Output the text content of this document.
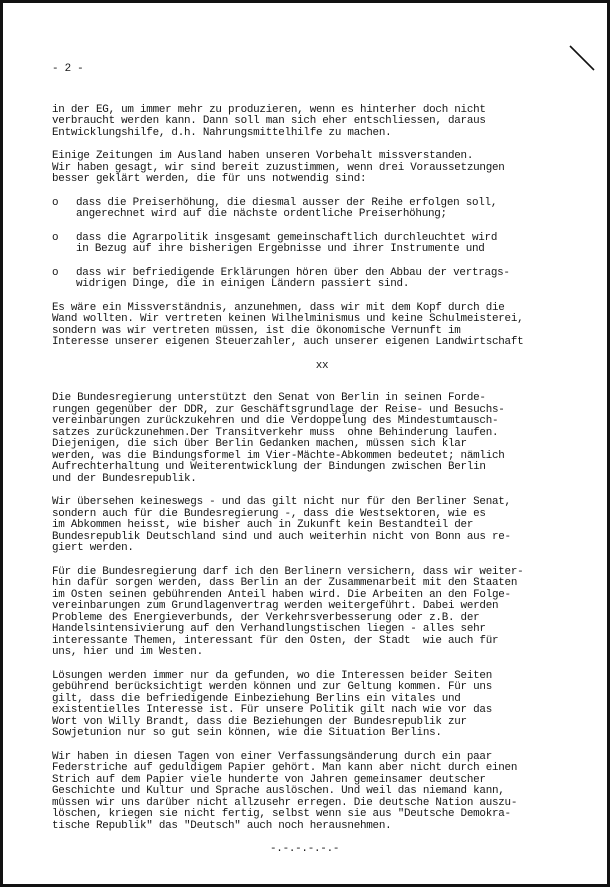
- 2 -
in der EG, um immer mehr zu produzieren, wenn es hinterher doch nicht
verbraucht werden kann. Dann soll man sich eher entschliessen, daraus
Entwicklungshilfe, d.h. Nahrungsmittelhilfe zu machen.
Einige Zeitungen im Ausland haben unseren Vorbehalt missverstanden.
Wir haben gesagt, wir sind bereit zuzustimmen, wenn drei Voraussetzungen
besser geklärt werden, die für uns notwendig sind:
o	dass die Preiserhöhung, die diesmal ausser der Reihe erfolgen soll,
angerechnet wird auf die nächste ordentliche Preiserhöhung;
o	dass die Agrarpolitik insgesamt gemeinschaftlich durchleuchtet wird
in Bezug auf ihre bisherigen Ergebnisse und ihrer Instrumente und
o	dass wir befriedigende Erklärungen hören über den Abbau der vertrags-
widrigen Dinge, die in einigen Ländern passiert sind.
Es wäre ein Missverständnis, anzunehmen, dass wir mit dem Kopf durch die
Wand wollten. Wir vertreten keinen Wilhelminismus und keine Schulmeisterei,
sondern was wir vertreten müssen, ist die ökonomische Vernunft im
Interesse unserer eigenen Steuerzahler, auch unserer eigenen Landwirtschaft
xx
Die Bundesregierung unterstützt den Senat von Berlin in seinen Forde-
rungen gegenüber der DDR, zur Geschäftsgrundlage der Reise- und Besuchs-
vereinbarungen zurückzukehren und die Verdoppelung des Mindestumtausch-
satzes zurückzunehmen.Der Transitverkehr muss  ohne Behinderung laufen.
Diejenigen, die sich über Berlin Gedanken machen, müssen sich klar
werden, was die Bindungsformel im Vier-Mächte-Abkommen bedeutet; nämlich
Aufrechterhaltung und Weiterentwicklung der Bindungen zwischen Berlin
und der Bundesrepublik.
Wir übersehen keineswegs - und das gilt nicht nur für den Berliner Senat,
sondern auch für die Bundesregierung -, dass die Westsektoren, wie es
im Abkommen heisst, wie bisher auch in Zukunft kein Bestandteil der
Bundesrepublik Deutschland sind und auch weiterhin nicht von Bonn aus re-
giert werden.
Für die Bundesregierung darf ich den Berlinern versichern, dass wir weiter-
hin dafür sorgen werden, dass Berlin an der Zusammenarbeit mit den Staaten
im Osten seinen gebührenden Anteil haben wird. Die Arbeiten an den Folge-
vereinbarungen zum Grundlagenvertrag werden weitergeführt. Dabei werden
Probleme des Energieverbunds, der Verkehrsverbesserung oder z.B. der
Handelsintensivierung auf den Verhandlungstischen liegen - alles sehr
interessante Themen, interessant für den Osten, der Stadt  wie auch für
uns, hier und im Westen.
Lösungen werden immer nur da gefunden, wo die Interessen beider Seiten
gebührend berücksichtigt werden können und zur Geltung kommen. Für uns
gilt, dass die befriedigende Einbeziehung Berlins ein vitales und
existentielles Interesse ist. Für unsere Politik gilt nach wie vor das
Wort von Willy Brandt, dass die Beziehungen der Bundesrepublik zur
Sowjetunion nur so gut sein können, wie die Situation Berlins.
Wir haben in diesen Tagen von einer Verfassungsänderung durch ein paar
Federstriche auf geduldigem Papier gehört. Man kann aber nicht durch einen
Strich auf dem Papier viele hunderte von Jahren gemeinsamer deutscher
Geschichte und Kultur und Sprache auslöschen. Und weil das niemand kann,
müssen wir uns darüber nicht allzusehr erregen. Die deutsche Nation auszu-
löschen, kriegen sie nicht fertig, selbst wenn sie aus "Deutsche Demokra-
tische Republik" das "Deutsch" auch noch herausnehmen.
-.-.-.-.-.-
